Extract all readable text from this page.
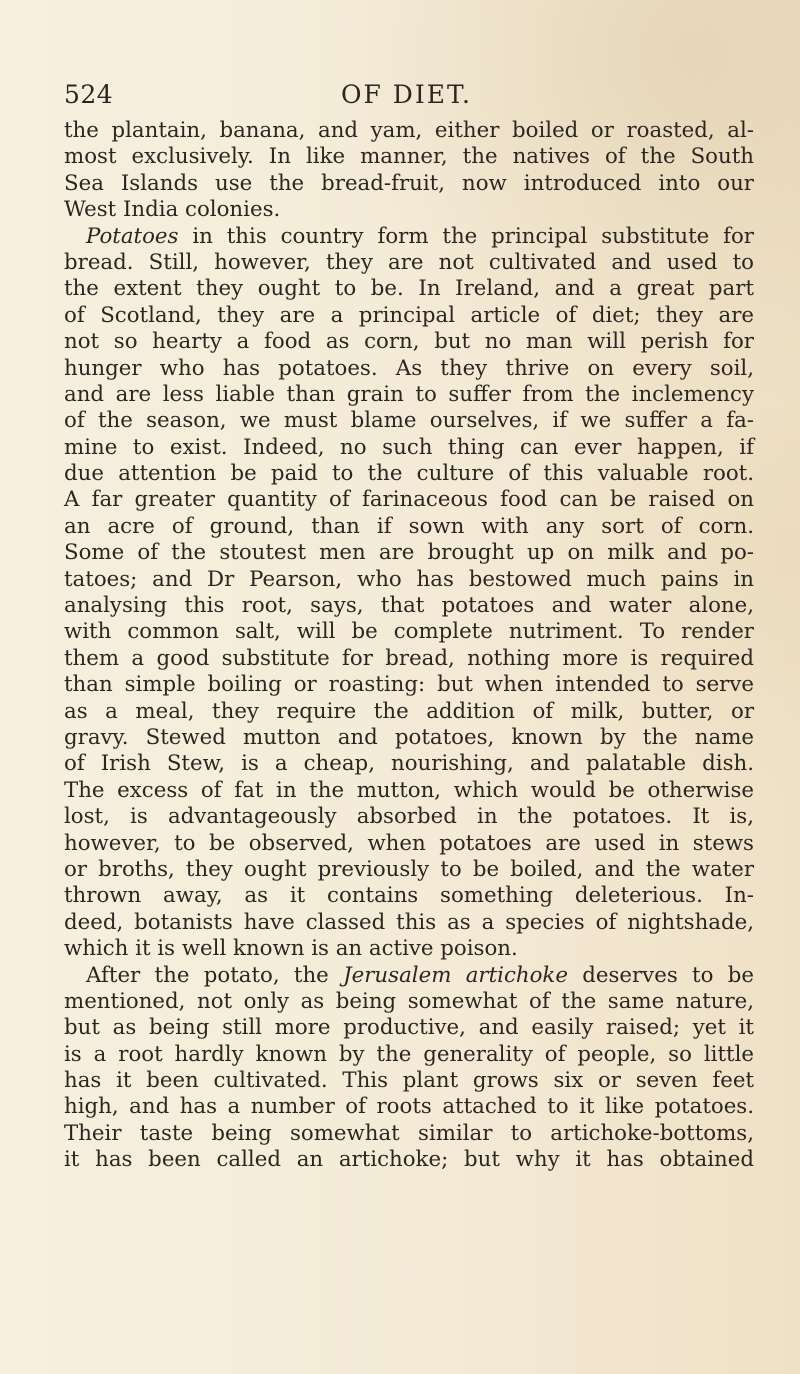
524	OF DIET.
the plantain, banana, and yam, either boiled or roasted, al-
most exclusively. In like manner, the natives of the South
Sea Islands use the bread-fruit, now introduced into our
West India colonies.
Potatoes in this country form the principal substitute for
bread. Still, however, they are not cultivated and used to
the extent they ought to be. In Ireland, and a great part
of Scotland, they are a principal article of diet; they are
not so hearty a food as corn, but no man will perish for
hunger who has potatoes. As they thrive on every soil,
and are less liable than grain to suffer from the inclemency
of the season, we must blame ourselves, if we suffer a fa-
mine to exist. Indeed, no such thing can ever happen, if
due attention be paid to the culture of this valuable root.
A far greater quantity of farinaceous food can be raised on
an acre of ground, than if sown with any sort of corn.
Some of the stoutest men are brought up on milk and po-
tatoes; and Dr Pearson, who has bestowed much pains in
analysing this root, says, that potatoes and water alone,
with common salt, will be complete nutriment. To render
them a good substitute for bread, nothing more is required
than simple boiling or roasting: but when intended to serve
as a meal, they require the addition of milk, butter, or
gravy. Stewed mutton and potatoes, known by the name
of Irish Stew, is a cheap, nourishing, and palatable dish.
The excess of fat in the mutton, which would be otherwise
lost, is advantageously absorbed in the potatoes. It is,
however, to be observed, when potatoes are used in stews
or broths, they ought previously to be boiled, and the water
thrown away, as it contains something deleterious. In-
deed, botanists have classed this as a species of nightshade,
which it is well known is an active poison.
After the potato, the Jerusalem artichoke deserves to be
mentioned, not only as being somewhat of the same nature,
but as being still more productive, and easily raised; yet it
is a root hardly known by the generality of people, so little
has it been cultivated. This plant grows six or seven feet
high, and has a number of roots attached to it like potatoes.
Their taste being somewhat similar to artichoke-bottoms,
it has been called an artichoke; but why it has obtained
